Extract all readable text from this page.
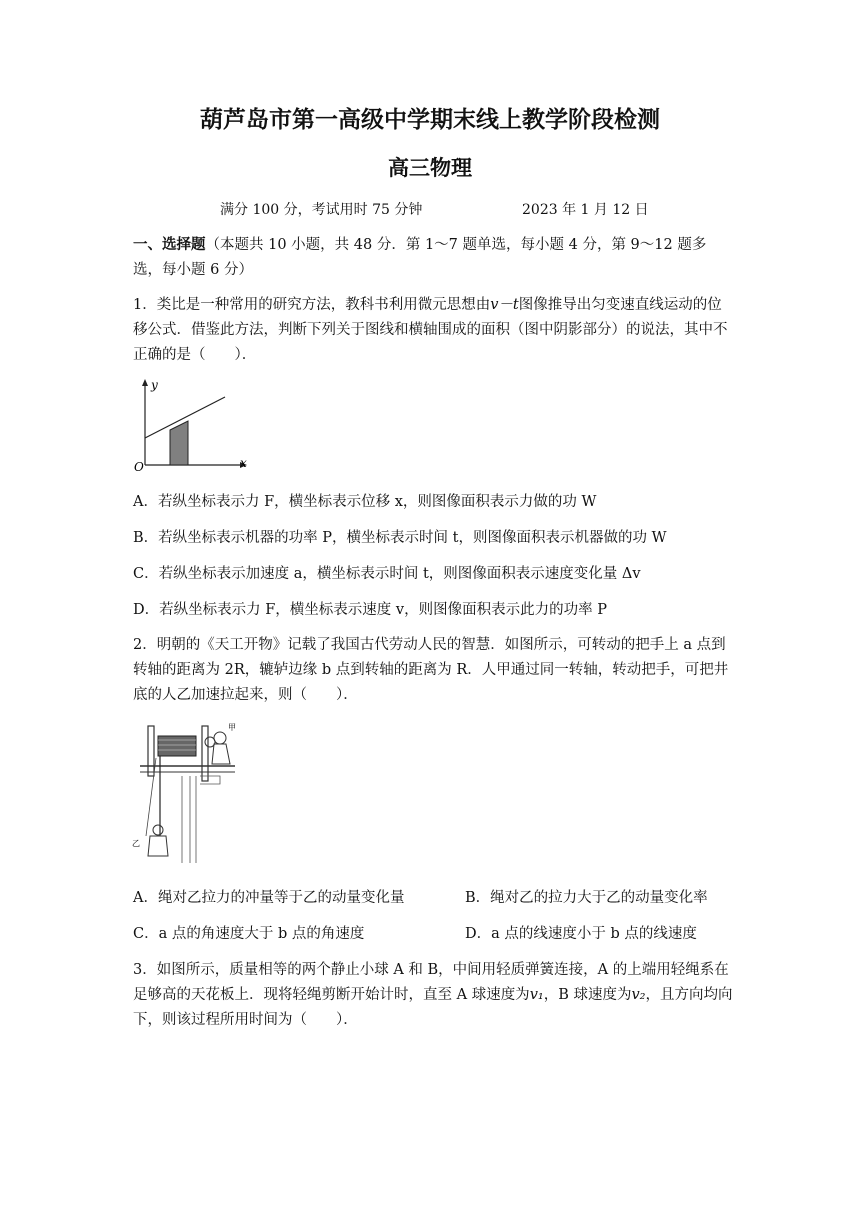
葫芦岛市第一高级中学期末线上教学阶段检测
高三物理
满分 100 分，考试用时 75 分钟	2023 年 1 月 12 日
一、选择题（本题共 10 小题，共 48 分．第 1～7 题单选，每小题 4 分，第 9～12 题多选，每小题 6 分）
1．类比是一种常用的研究方法，教科书利用微元思想由v－t图像推导出匀变速直线运动的位移公式．借鉴此方法，判断下列关于图线和横轴围成的面积（图中阴影部分）的说法，其中不正确的是（　　）．
y
x
O
A．若纵坐标表示力 F，横坐标表示位移 x，则图像面积表示力做的功 W
B．若纵坐标表示机器的功率 P，横坐标表示时间 t，则图像面积表示机器做的功 W
C．若纵坐标表示加速度 a，横坐标表示时间 t，则图像面积表示速度变化量 Δv
D．若纵坐标表示力 F，横坐标表示速度 v，则图像面积表示此力的功率 P
2．明朝的《天工开物》记载了我国古代劳动人民的智慧．如图所示，可转动的把手上 a 点到转轴的距离为 2R，辘轳边缘 b 点到转轴的距离为 R．人甲通过同一转轴，转动把手，可把井底的人乙加速拉起来，则（　　）．
甲
乙
A．绳对乙拉力的冲量等于乙的动量变化量	B．绳对乙的拉力大于乙的动量变化率
C．a 点的角速度大于 b 点的角速度	D．a 点的线速度小于 b 点的线速度
3．如图所示，质量相等的两个静止小球 A 和 B，中间用轻质弹簧连接，A 的上端用轻绳系在足够高的天花板上．现将轻绳剪断开始计时，直至 A 球速度为v₁，B 球速度为v₂，且方向均向下，则该过程所用时间为（　　）．
